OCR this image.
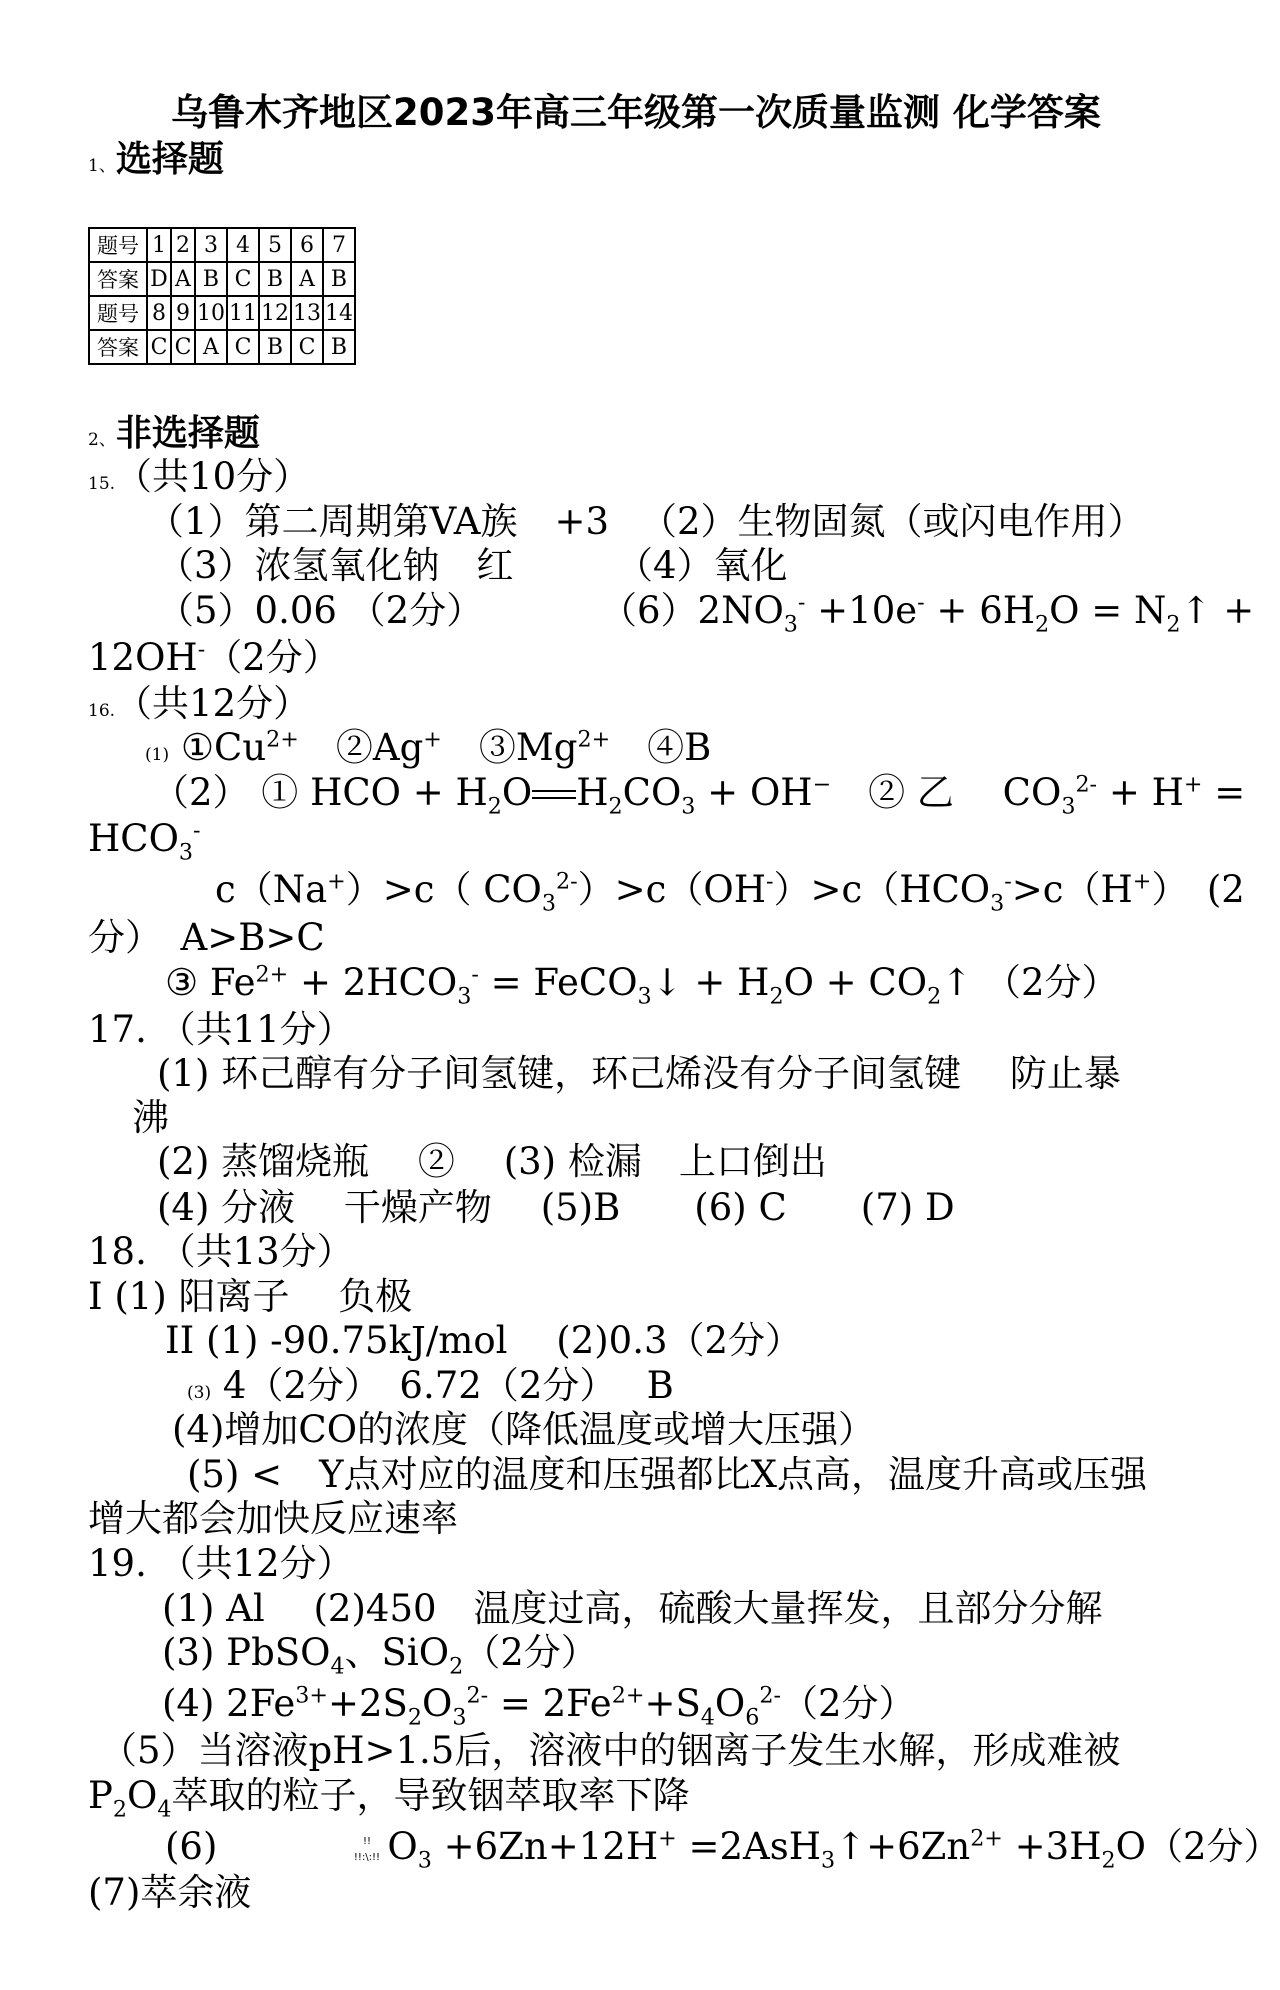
乌鲁木齐地区2023年高三年级第一次质量监测 化学答案
1、选择题
题号	1	2	3	4	5	6	7
答案	D	A	B	C	B	A	B
题号	8	9	10	11	12	13	14
答案	C	C	A	C	B	C	B
2、非选择题
15.（共10分）
（1）第二周期第VA族　+3 （2）生物固氮（或闪电作用）
（3）浓氢氧化钠　红	（4）氧化
（5）0.06 （2分）	$(6)2NO_3^- +10e^- + 6H_2O$ = $N_2↑$ +
12OH-（2分）
16.（共12分）
(1) $①Cu^{2+}$　②Ag+　$③Mg^{2+}$　④B
（2） ① HCO + $H_2O$ $H_2CO_3 + OH^-$　② 乙　 $CO_3^{2-} + H^+$ =
$HCO_3^-$
c（Na+）>c（ $CO_3^{2-})>c(OH^-)>c(HCO_3^->c(H^+)$　(2
分）　A>B>C
③ $Fe^{2+} + 2HCO_3^-$ = FeCO$_3$↓ + $H_2O$ + $CO_2↑$ （2分）
17. （共11分）
(1) 环己醇有分子间氢键，环己烯没有分子间氢键　 防止暴
沸
(2) 蒸馏烧瓶　 ②　 (3) 检漏　上口倒出
(4) 分液　 干燥产物　 (5)B　　(6) C　　(7) D
18. （共13分）
I (1) 阳离子　 负极
II (1) -90.75kJ/mol　 (2)0.3（2分）
(3) 4（2分）　6.72（2分）　 B
(4)增加CO的浓度（降低温度或增大压强）
(5) <　Y点对应的温度和压强都比X点高，温度升高或压强
增大都会加快反应速率
19. （共12分）
(1) Al　 (2)450　温度过高，硫酸大量挥发，且部分分解
(3) PbSO$_4$、SiO$_2$（2分）
(4) $2Fe^{3+}+2S_2O_3^{2-} = 2Fe^{2+}+S_4O_6^{2-}(2$分）
（5）当溶液pH>1.5后，溶液中的铟离子发生水解，形成难被
$P_2O_4$萃取的粒子，导致铟萃取率下降
(6)	!!
!!:\:!! $O_3 +6Zn+12H^+$ $=2AsH_3↑+6Zn^{2+} +3H_2O(2$分）
(7)萃余液
